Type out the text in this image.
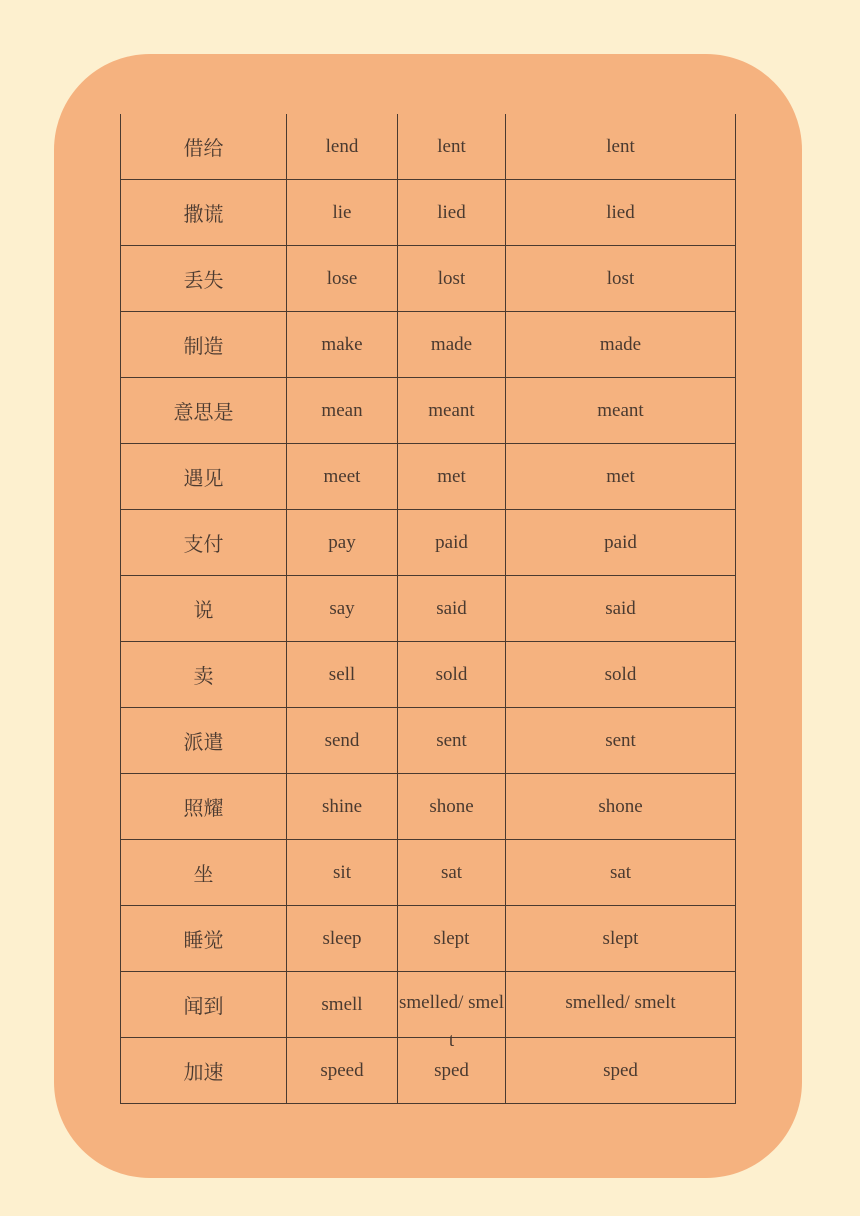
借给	lend	lent	lent

撒谎	lie	lied	lied

丢失	lose	lost	lost

制造	make	made	made

意思是	mean	meant	meant

遇见	meet	met	met

支付	pay	paid	paid

说	say	said	said

卖	sell	sold	sold

派遣	send	sent	sent

照耀	shine	shone	shone

坐	sit	sat	sat

睡觉	sleep	slept	slept

闻到	smell	smelled/ smelt	smelled/ smelt

加速	speed	sped	sped
